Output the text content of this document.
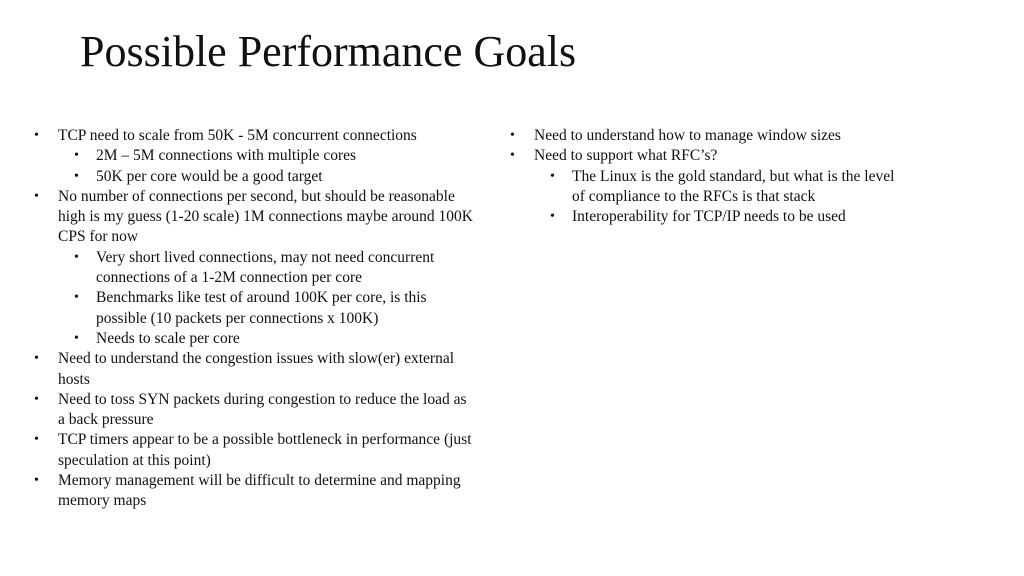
Possible Performance Goals
• TCP need to scale from 50K - 5M concurrent connections
• 2M – 5M connections with multiple cores
• 50K per core would be a good target
• No number of connections per second, but should be reasonable high is my guess (1-20 scale) 1M connections maybe around 100K CPS for now
• Very short lived connections, may not need concurrent connections of a 1-2M connection per core
• Benchmarks like test of around 100K per core, is this possible (10 packets per connections x 100K)
• Needs to scale per core
• Need to understand the congestion issues with slow(er) external hosts
• Need to toss SYN packets during congestion to reduce the load as a back pressure
• TCP timers appear to be a possible bottleneck in performance (just speculation at this point)
• Memory management will be difficult to determine and mapping memory maps
• Need to understand how to manage window sizes
• Need to support what RFC’s?
• The Linux is the gold standard, but what is the level of compliance to the RFCs is that stack
• Interoperability for TCP/IP needs to be used
